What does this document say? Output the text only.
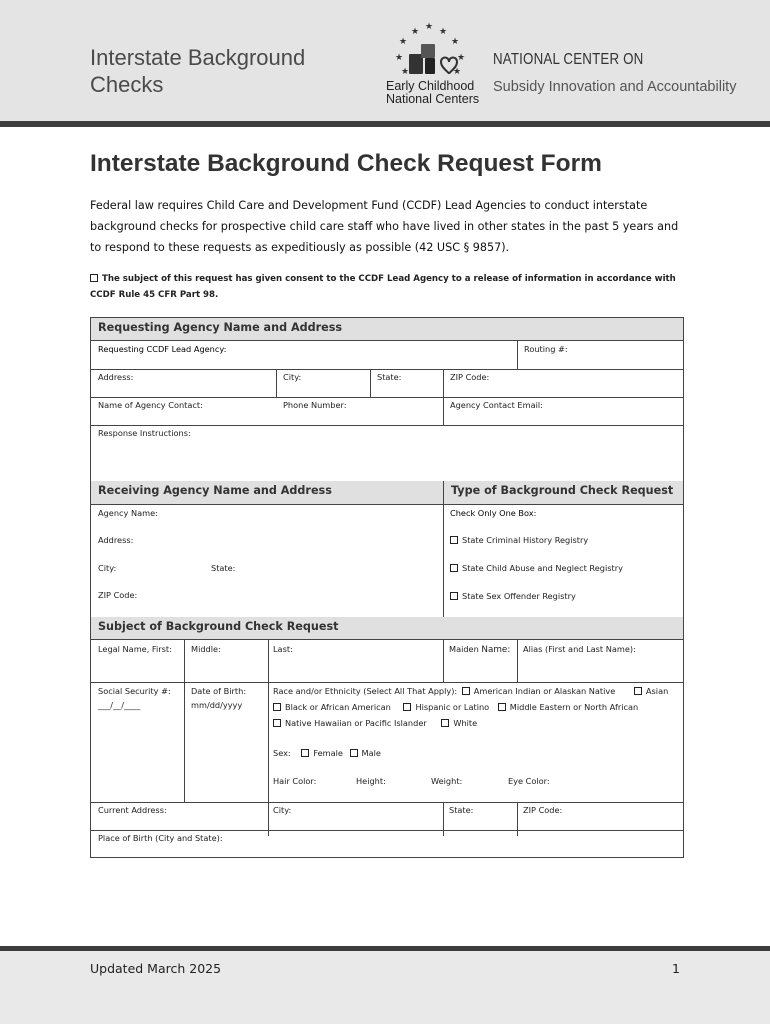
Interstate Background
Checks
★ ★ ★
★	★
★	★
★	★
Early Childhood
National Centers
NATIONAL CENTER ON
Subsidy Innovation and Accountability
Interstate Background Check Request Form
Federal law requires Child Care and Development Fund (CCDF) Lead Agencies to conduct interstate background checks for prospective child care staff who have lived in other states in the past 5 years and to respond to these requests as expeditiously as possible (42 USC § 9857).
The subject of this request has given consent to the CCDF Lead Agency to a release of information in accordance with CCDF Rule 45 CFR Part 98.
Requesting Agency Name and Address
Requesting CCDF Lead Agency:	Routing #:
Address:	City:	State:	ZIP Code:
Name of Agency Contact:	Phone Number:	Agency Contact Email:
Response Instructions:
Receiving Agency Name and Address	Type of Background Check Request
Agency Name:	Check Only One Box:
Address:	State Criminal History Registry
City:	State:	State Child Abuse and Neglect Registry
ZIP Code:	State Sex Offender Registry
Subject of Background Check Request
Legal Name, First: Middle:	Last:	Maiden Name: Alias (First and Last Name):
Social Security #:
___/__/____
Date of Birth:
mm/dd/yyyy
Race and/or Ethnicity (Select All That Apply): American Indian or Alaskan Native	Asian
Black or African American	Hispanic or Latino	Middle Eastern or North African
Native Hawaiian or Pacific Islander	White
Sex:	Female Male
Hair Color:	Height:	Weight:	Eye Color:
Current Address:	City:	State:	ZIP Code:
Place of Birth (City and State):
Updated March 2025	1
